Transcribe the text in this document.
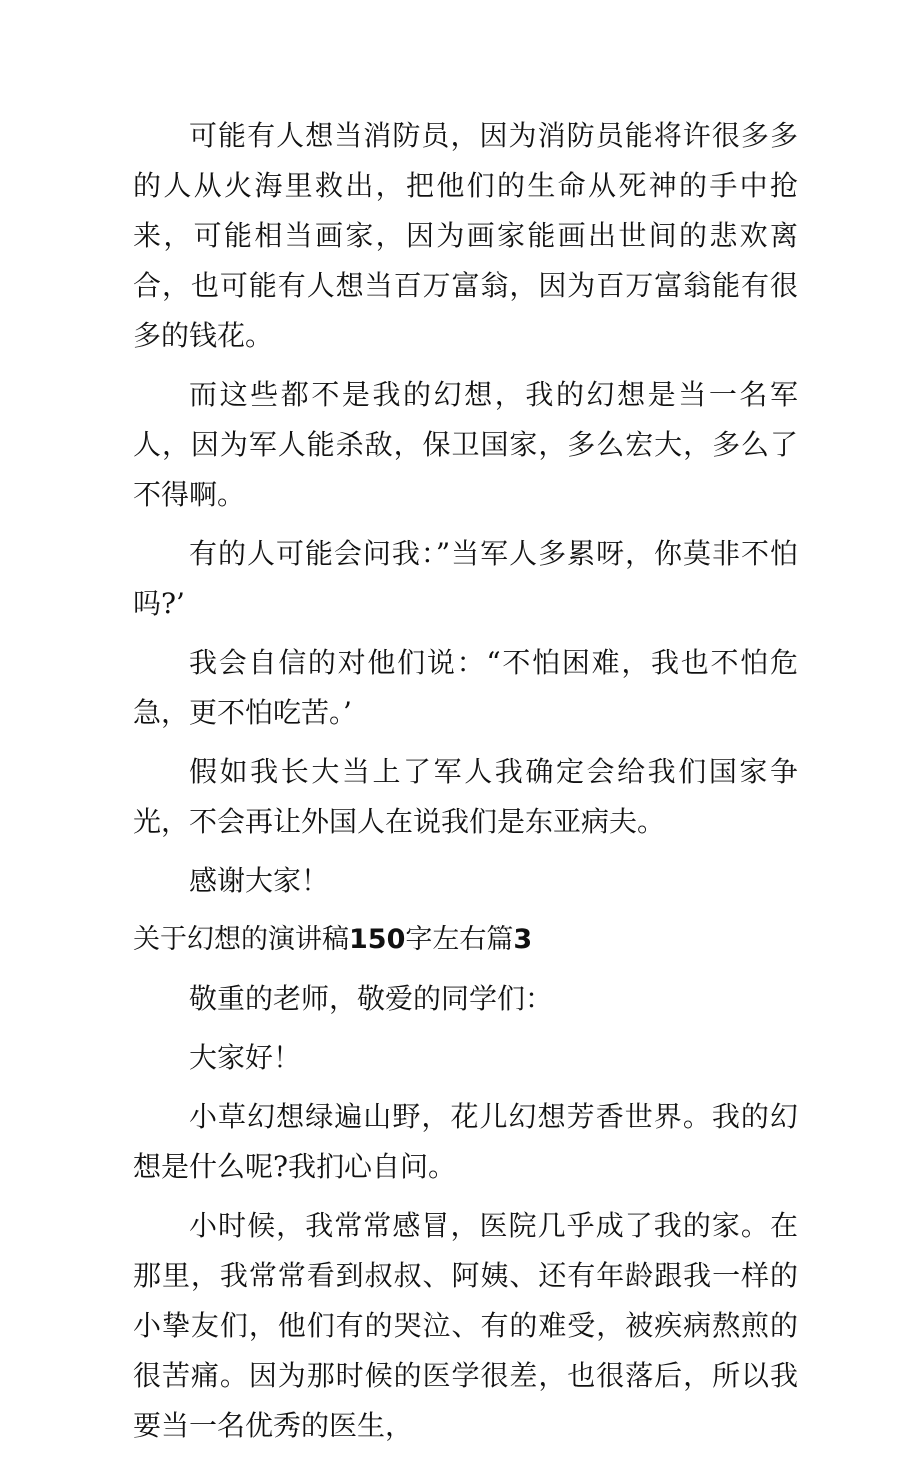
可能有人想当消防员，因为消防员能将许很多多的人从火海里救出，把他们的生命从死神的手中抢来，可能相当画家，因为画家能画出世间的悲欢离合，也可能有人想当百万富翁，因为百万富翁能有很多的钱花。

而这些都不是我的幻想，我的幻想是当一名军人，因为军人能杀敌，保卫国家，多么宏大，多么了不得啊。

有的人可能会问我：”当军人多累呀，你莫非不怕吗?’

我会自信的对他们说：“不怕困难，我也不怕危急，更不怕吃苦。’

假如我长大当上了军人我确定会给我们国家争光，不会再让外国人在说我们是东亚病夫。

感谢大家！

关于幻想的演讲稿150字左右篇3

敬重的老师，敬爱的同学们：

大家好！

小草幻想绿遍山野，花儿幻想芳香世界。我的幻想是什么呢?我扪心自问。

小时候，我常常感冒，医院几乎成了我的家。在那里，我常常看到叔叔、阿姨、还有年龄跟我一样的小挚友们，他们有的哭泣、有的难受，被疾病熬煎的很苦痛。因为那时候的医学很差，也很落后，所以我要当一名优秀的医生，
